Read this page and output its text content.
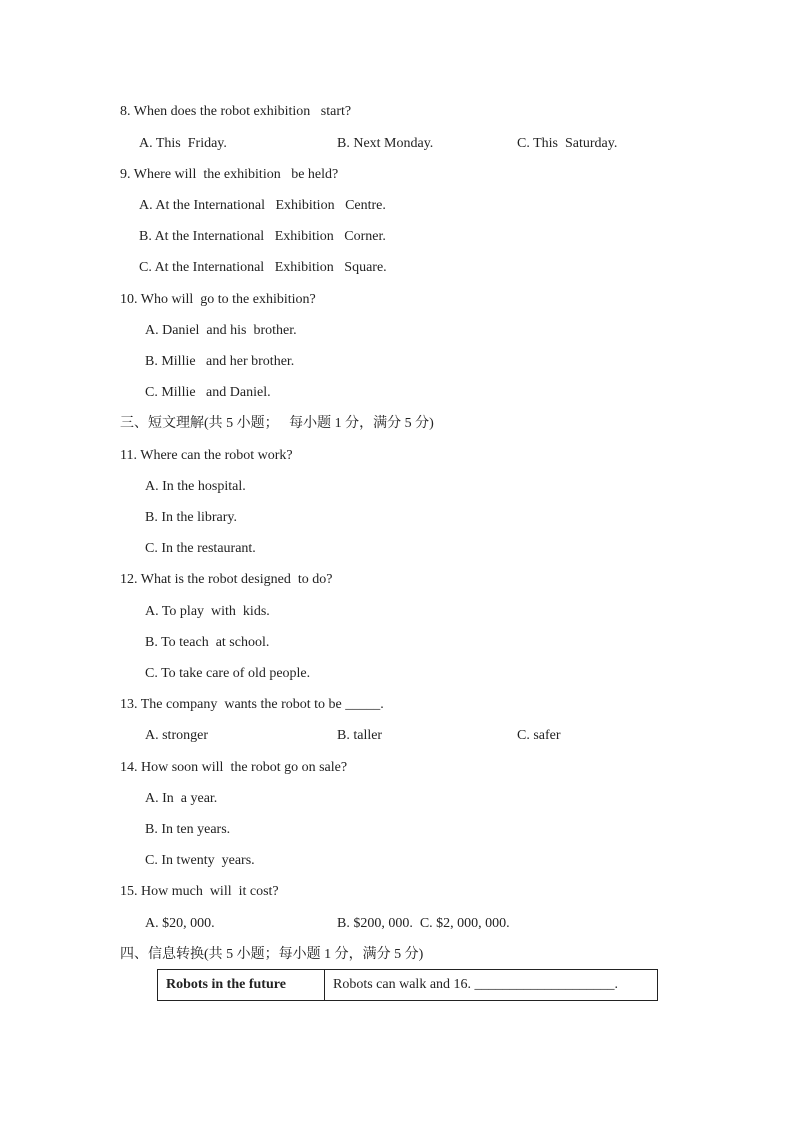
8. When does the robot exhibition   start?
A. This  Friday.	B. Next Monday.	C. This  Saturday.
9. Where will  the exhibition   be held?
A. At the International   Exhibition   Centre.
B. At the International   Exhibition   Corner.
C. At the International   Exhibition   Square.
10. Who will  go to the exhibition?
A. Daniel  and his  brother.
B. Millie   and her brother.
C. Millie   and Daniel.
三、短文理解(共 5 小题；   每小题 1 分，满分 5 分)
11. Where can the robot work?
A. In the hospital.
B. In the library.
C. In the restaurant.
12. What is the robot designed  to do?
A. To play  with  kids.
B. To teach  at school.
C. To take care of old people.
13. The company  wants the robot to be _____.
A. stronger	B. taller	C. safer
14. How soon will  the robot go on sale?
A. In  a year.
B. In ten years.
C. In twenty  years.
15. How much  will  it cost?
A. $20, 000.	B. $200, 000.  C. $2, 000, 000.
四、信息转换(共 5 小题；每小题 1 分，满分 5 分)
Robots in the future	Robots can walk and 16. ____________________.
